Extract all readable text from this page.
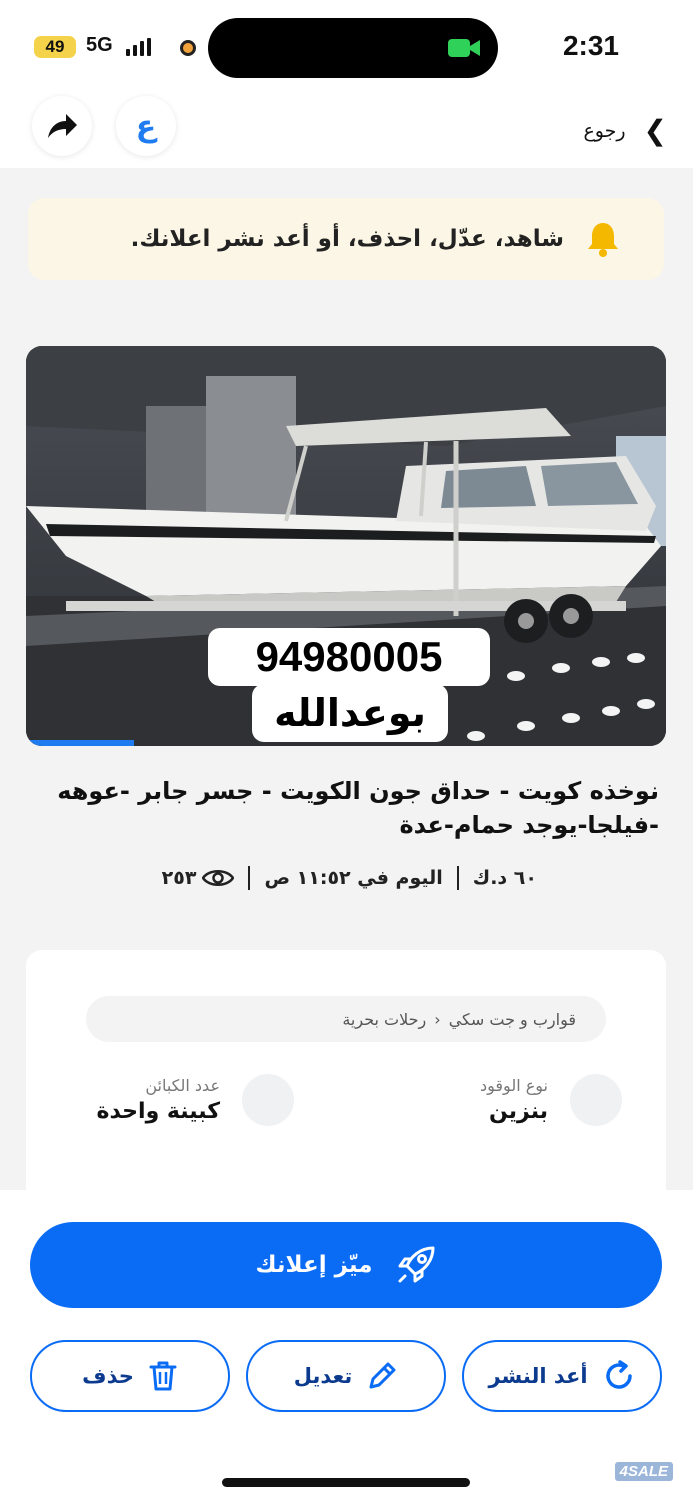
49	5G	2:31
ع	❯
رجوع
شاهد، عدّل، احذف، أو أعد نشر اعلانك.
94980005
بوعدالله
نوخذه كويت - حداق جون الكويت - جسر جابر -عوهه -فيلجا-يوجد حمام-عدة
٦٠ د.ك
اليوم في ١١:٥٢ ص
٢٥٣
قوارب و جت سكي
‹
رحلات بحرية
نوع الوقود
بنزين
عدد الكبائن
كبينة واحدة
ميّز إعلانك
أعد النشر
تعديل
حذف
4SALE
